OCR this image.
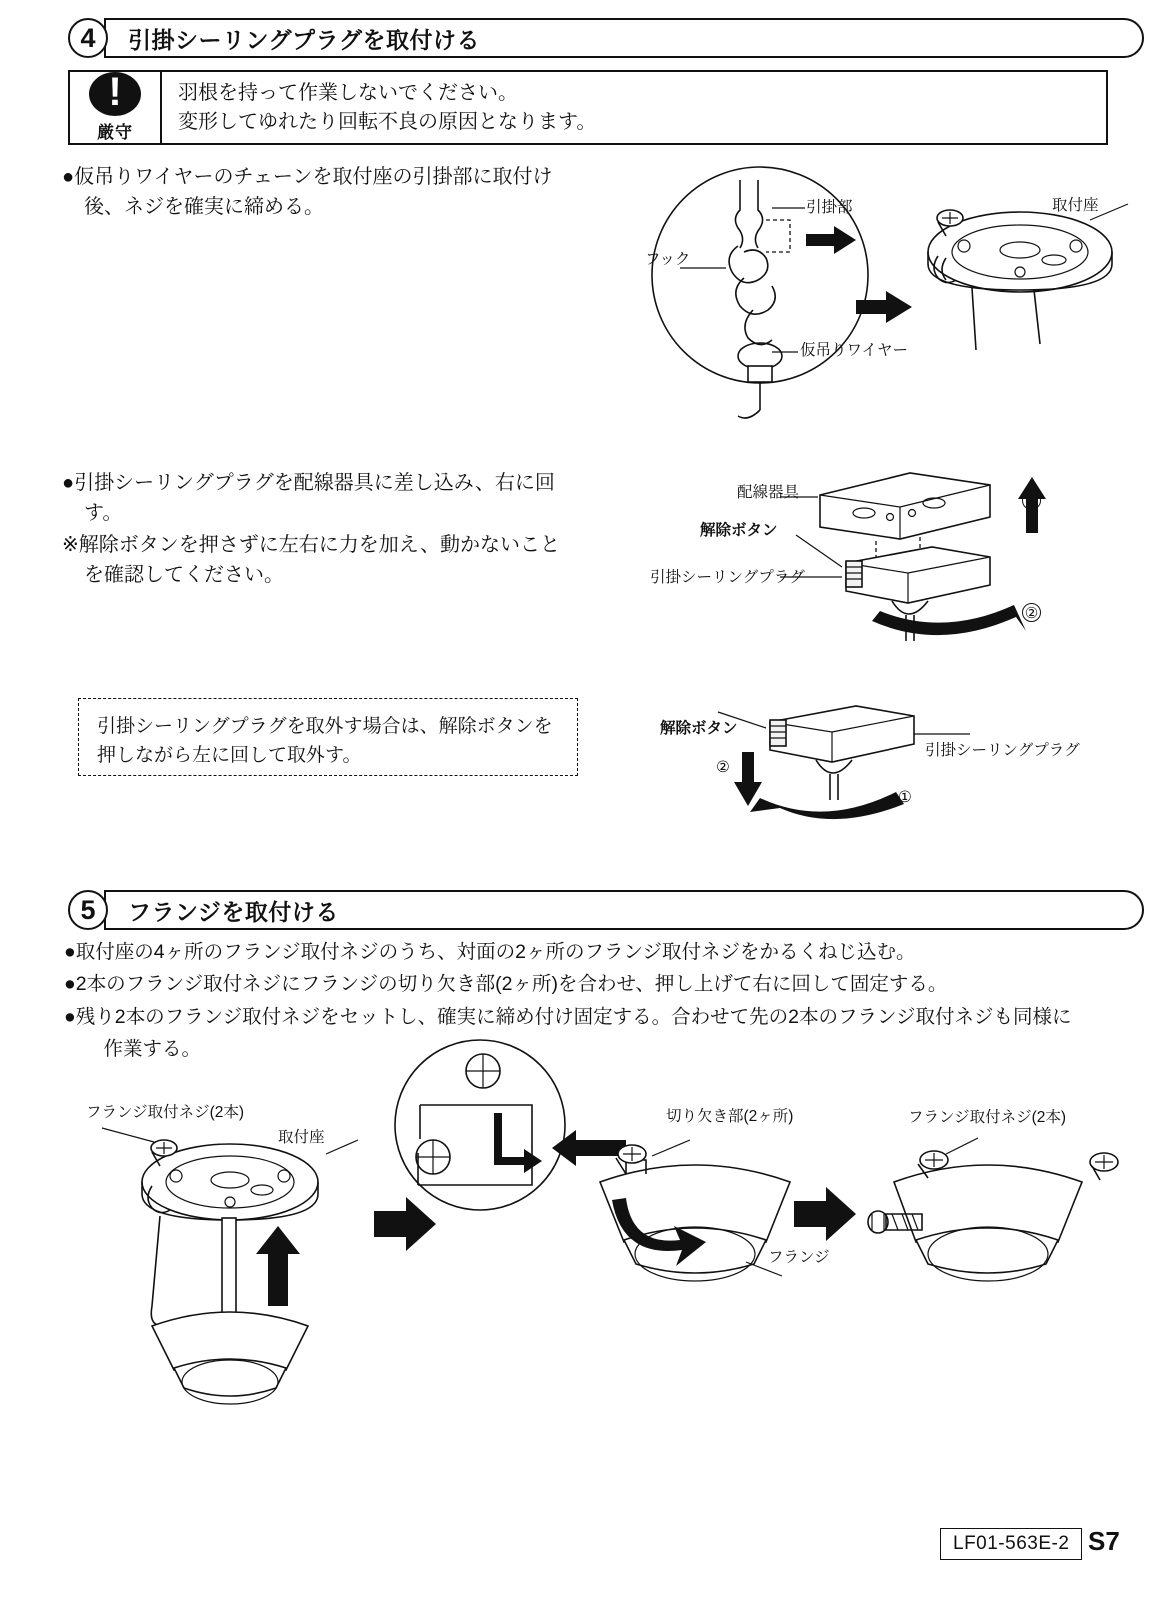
4	引掛シーリングプラグを取付ける
!
厳守
羽根を持って作業しないでください。
変形してゆれたり回転不良の原因となります。
●仮吊りワイヤーのチェーンを取付座の引掛部に取付け
後、ネジを確実に締める。
フック
引掛部	取付座
仮吊りワイヤー
●引掛シーリングプラグを配線器具に差し込み、右に回
す。
※解除ボタンを押さずに左右に力を加え、動かないこと
を確認してください。
配線器具
解除ボタン
引掛シーリングプラグ
①
②
引掛シーリングプラグを取外す場合は、解除ボタンを
押しながら左に回して取外す。
解除ボタン
引掛シーリングプラグ
②
①
5	フランジを取付ける
●取付座の4ヶ所のフランジ取付ネジのうち、対面の2ヶ所のフランジ取付ネジをかるくねじ込む。
●2本のフランジ取付ネジにフランジの切り欠き部(2ヶ所)を合わせ、押し上げて右に回して固定する。
●残り2本のフランジ取付ネジをセットし、確実に締め付け固定する。合わせて先の2本のフランジ取付ネジも同様に
　作業する。
フランジ取付ネジ(2本)
取付座
切り欠き部(2ヶ所)
フランジ
フランジ取付ネジ(2本)
LF01-563E-2 S7
